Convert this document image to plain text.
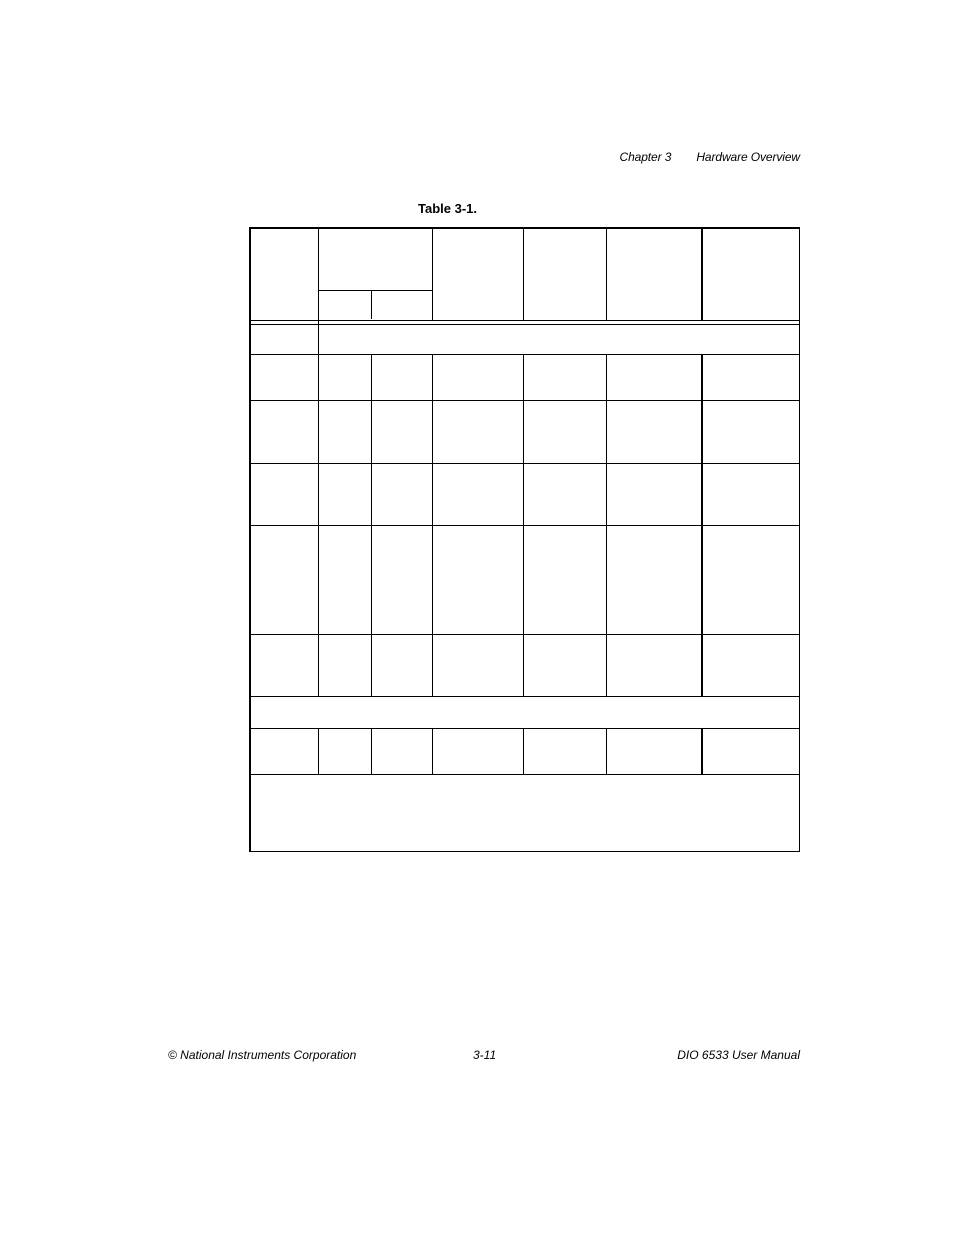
Chapter 3 Hardware Overview
Table 3-1.
© National Instruments Corporation	3-11	DIO 6533 User Manual
